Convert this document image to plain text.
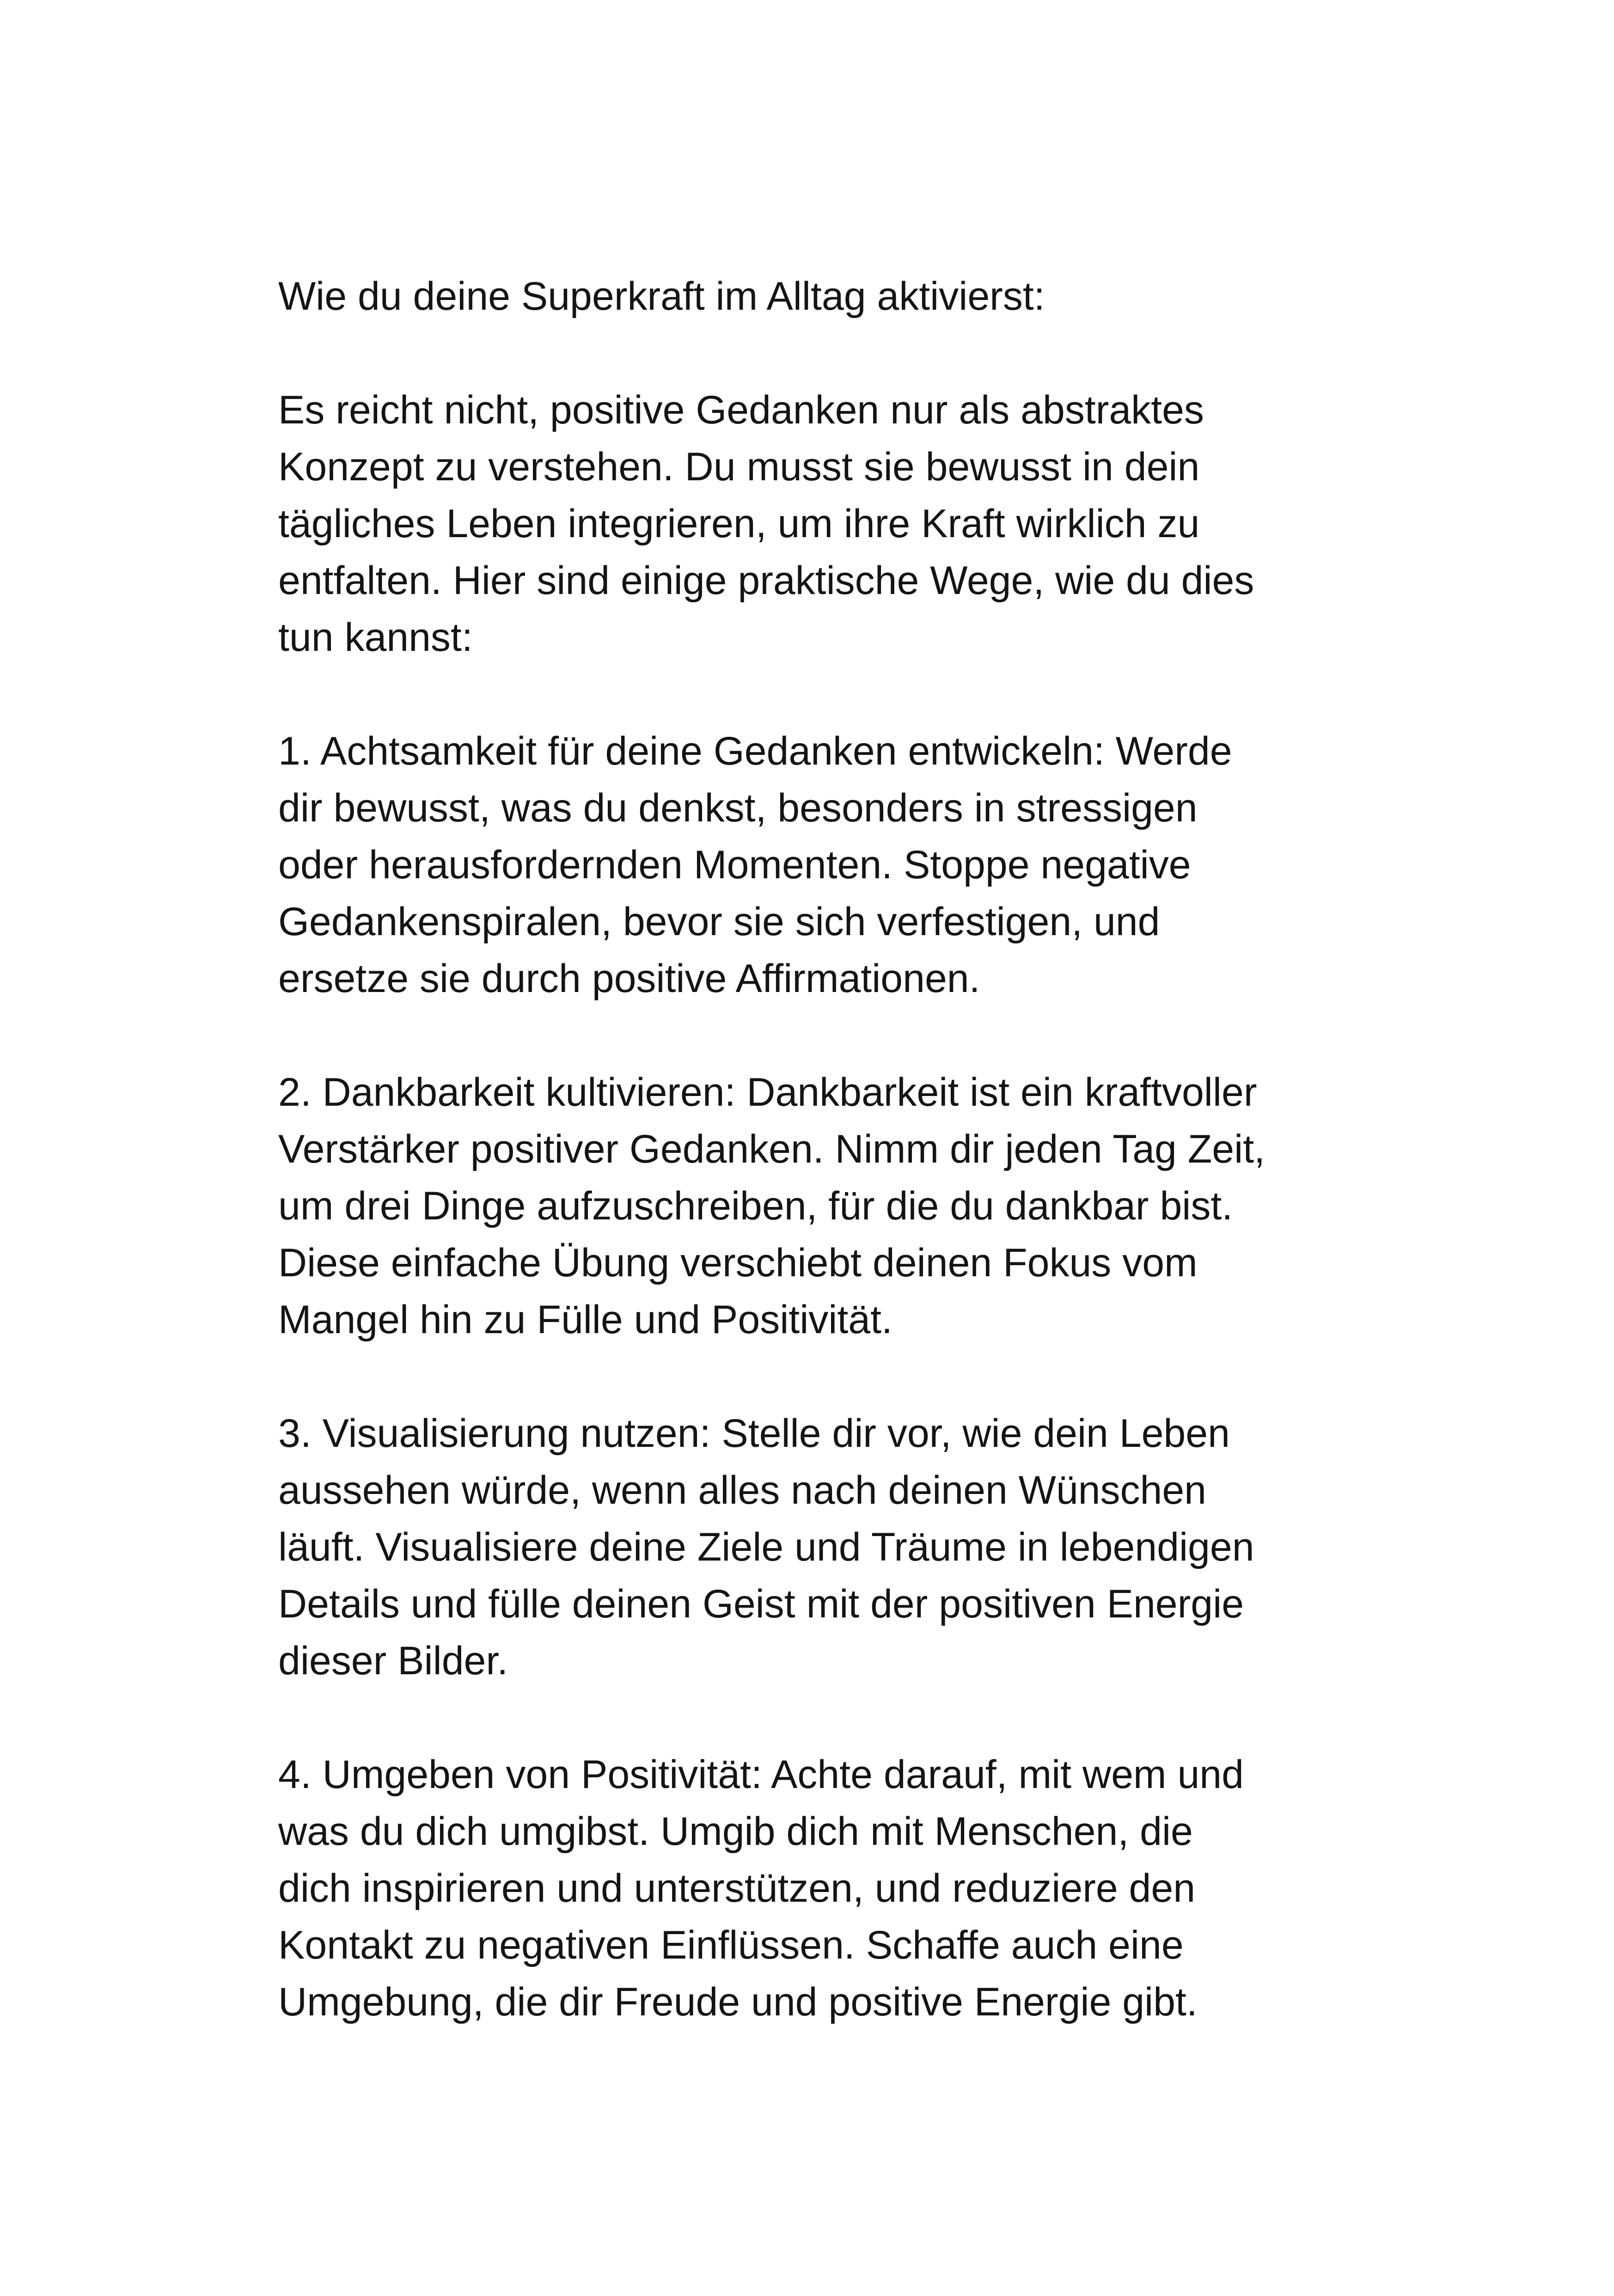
Wie du deine Superkraft im Alltag aktivierst:
Es reicht nicht, positive Gedanken nur als abstraktes
Konzept zu verstehen. Du musst sie bewusst in dein
tägliches Leben integrieren, um ihre Kraft wirklich zu
entfalten. Hier sind einige praktische Wege, wie du dies
tun kannst:
1. Achtsamkeit für deine Gedanken entwickeln: Werde
dir bewusst, was du denkst, besonders in stressigen
oder herausfordernden Momenten. Stoppe negative
Gedankenspiralen, bevor sie sich verfestigen, und
ersetze sie durch positive Affirmationen.
2. Dankbarkeit kultivieren: Dankbarkeit ist ein kraftvoller
Verstärker positiver Gedanken. Nimm dir jeden Tag Zeit,
um drei Dinge aufzuschreiben, für die du dankbar bist.
Diese einfache Übung verschiebt deinen Fokus vom
Mangel hin zu Fülle und Positivität.
3. Visualisierung nutzen: Stelle dir vor, wie dein Leben
aussehen würde, wenn alles nach deinen Wünschen
läuft. Visualisiere deine Ziele und Träume in lebendigen
Details und fülle deinen Geist mit der positiven Energie
dieser Bilder.
4. Umgeben von Positivität: Achte darauf, mit wem und
was du dich umgibst. Umgib dich mit Menschen, die
dich inspirieren und unterstützen, und reduziere den
Kontakt zu negativen Einflüssen. Schaffe auch eine
Umgebung, die dir Freude und positive Energie gibt.
